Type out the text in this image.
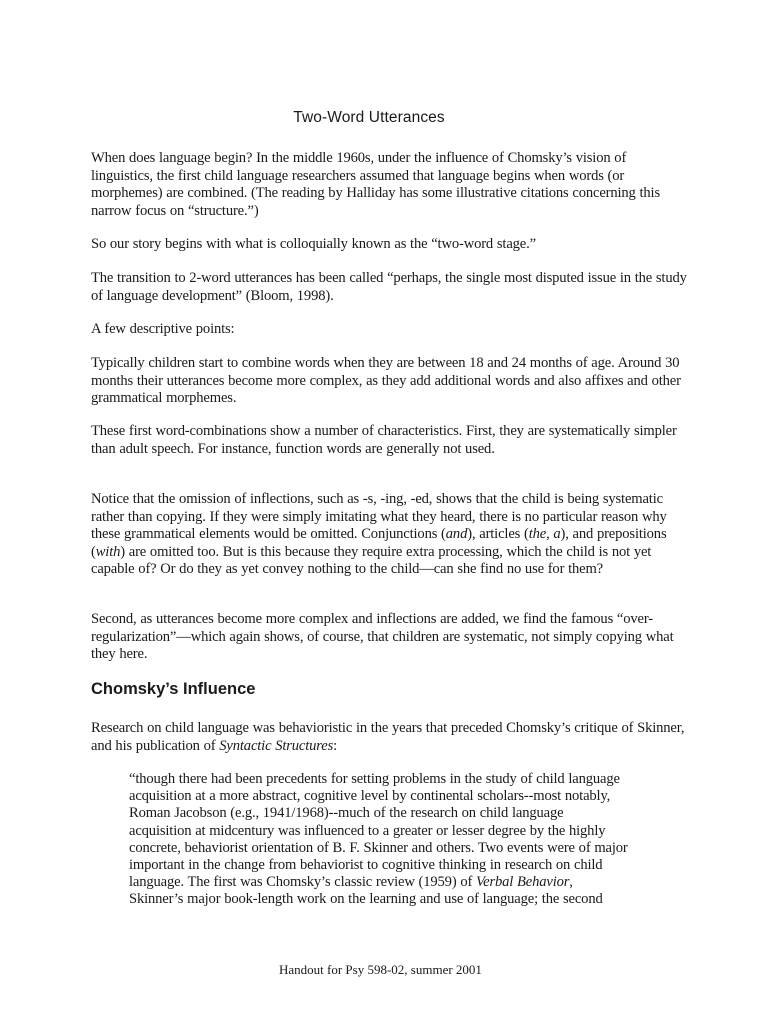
Two-Word Utterances

When does language begin? In the middle 1960s, under the influence of Chomsky’s vision of linguistics, the first child language researchers assumed that language begins when words (or morphemes) are combined. (The reading by Halliday has some illustrative citations concerning this narrow focus on “structure.”)

So our story begins with what is colloquially known as the “two-word stage.”

The transition to 2-word utterances has been called “perhaps, the single most disputed issue in the study of language development” (Bloom, 1998).

A few descriptive points:

Typically children start to combine words when they are between 18 and 24 months of age. Around 30 months their utterances become more complex, as they add additional words and also affixes and other grammatical morphemes.

These first word-combinations show a number of characteristics. First, they are systematically simpler than adult speech. For instance, function words are generally not used.

Notice that the omission of inflections, such as -s, -ing, -ed, shows that the child is being systematic rather than copying. If they were simply imitating what they heard, there is no particular reason why these grammatical elements would be omitted. Conjunctions (and), articles (the, a), and prepositions (with) are omitted too. But is this because they require extra processing, which the child is not yet capable of? Or do they as yet convey nothing to the child—can she find no use for them?

Second, as utterances become more complex and inflections are added, we find the famous “over-regularization”—which again shows, of course, that children are systematic, not simply copying what they here.

Chomsky’s Influence

Research on child language was behavioristic in the years that preceded Chomsky’s critique of Skinner, and his publication of Syntactic Structures:

“though there had been precedents for setting problems in the study of child language acquisition at a more abstract, cognitive level by continental scholars--most notably, Roman Jacobson (e.g., 1941/1968)--much of the research on child language acquisition at midcentury was influenced to a greater or lesser degree by the highly concrete, behaviorist orientation of B. F. Skinner and others. Two events were of major important in the change from behaviorist to cognitive thinking in research on child language. The first was Chomsky’s classic review (1959) of Verbal Behavior, Skinner’s major book-length work on the learning and use of language; the second

Handout for Psy 598-02, summer 2001
